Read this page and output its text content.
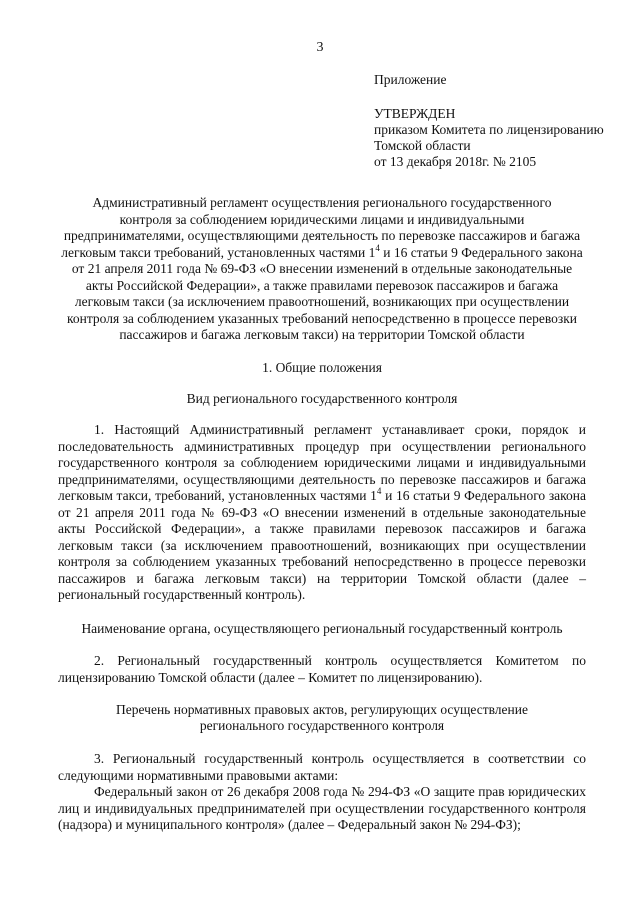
3
Приложение
УТВЕРЖДЕН
приказом Комитета по лицензированию
Томской области
от 13 декабря 2018г. № 2105
Административный регламент осуществления регионального государственного
контроля за соблюдением юридическими лицами и индивидуальными
предпринимателями, осуществляющими деятельность по перевозке пассажиров и багажа
легковым такси требований, установленных частями $1^4$ и 16 статьи 9 Федерального закона
от 21 апреля 2011 года № 69-ФЗ «О внесении изменений в отдельные законодательные
акты Российской Федерации», а также правилами перевозок пассажиров и багажа
легковым такси (за исключением правоотношений, возникающих при осуществлении
контроля за соблюдением указанных требований непосредственно в процессе перевозки
пассажиров и багажа легковым такси) на территории Томской области
1. Общие положения
Вид регионального государственного контроля
1. Настоящий Административный регламент устанавливает сроки, порядок и
последовательность административных процедур при осуществлении регионального
государственного контроля за соблюдением юридическими лицами и индивидуальными
предпринимателями, осуществляющими деятельность по перевозке пассажиров и багажа
легковым такси, требований, установленных частями $1^4$ и 16 статьи 9 Федерального закона
от 21 апреля 2011 года № 69-ФЗ «О внесении изменений в отдельные законодательные
акты Российской Федерации», а также правилами перевозок пассажиров и багажа
легковым такси (за исключением правоотношений, возникающих при осуществлении
контроля за соблюдением указанных требований непосредственно в процессе перевозки
пассажиров и багажа легковым такси) на территории Томской области (далее –
региональный государственный контроль).
Наименование органа, осуществляющего региональный государственный контроль
2. Региональный государственный контроль осуществляется Комитетом по
лицензированию Томской области (далее – Комитет по лицензированию).
Перечень нормативных правовых актов, регулирующих осуществление
регионального государственного контроля
3. Региональный государственный контроль осуществляется в соответствии со
следующими нормативными правовыми актами:
Федеральный закон от 26 декабря 2008 года № 294-ФЗ «О защите прав юридических
лиц и индивидуальных предпринимателей при осуществлении государственного контроля
(надзора) и муниципального контроля» (далее – Федеральный закон № 294-ФЗ);
